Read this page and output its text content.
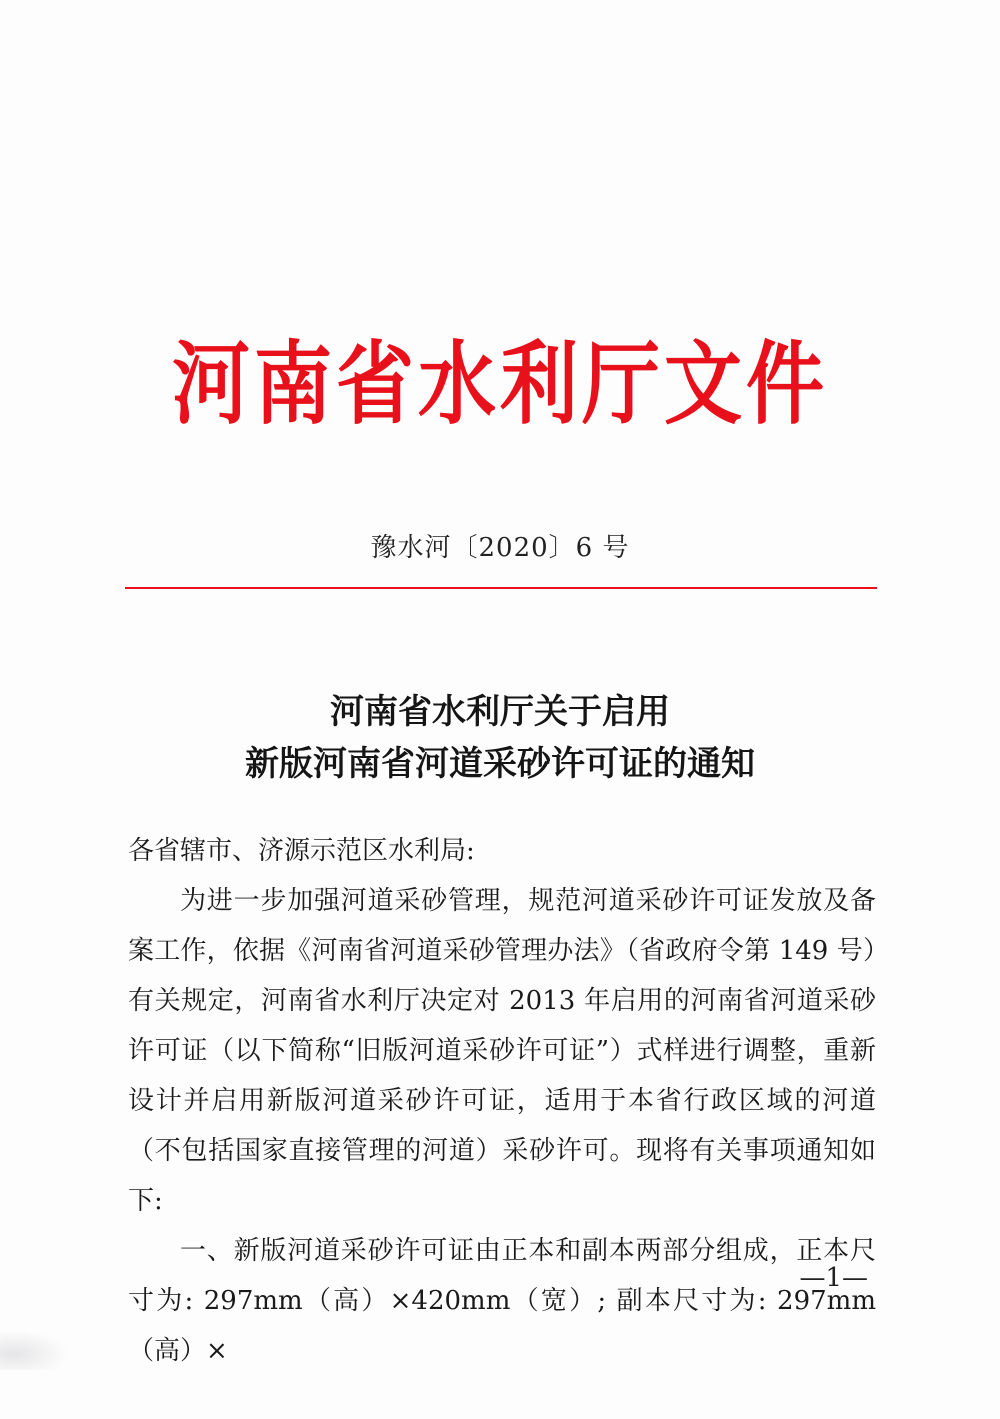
河南省水利厅文件
豫水河〔2020〕6 号
河南省水利厅关于启用
新版河南省河道采砂许可证的通知

各省辖市、济源示范区水利局:

为进一步加强河道采砂管理，规范河道采砂许可证发放及备案工作，依据《河南省河道采砂管理办法》（省政府令第 149 号）有关规定，河南省水利厅决定对 2013 年启用的河南省河道采砂许可证（以下简称“旧版河道采砂许可证”）式样进行调整，重新设计并启用新版河道采砂许可证，适用于本省行政区域的河道（不包括国家直接管理的河道）采砂许可。现将有关事项通知如下:

一、新版河道采砂许可证由正本和副本两部分组成，正本尺寸为: 297mm（高）×420mm（宽）; 副本尺寸为: 297mm（高）×

—1—
